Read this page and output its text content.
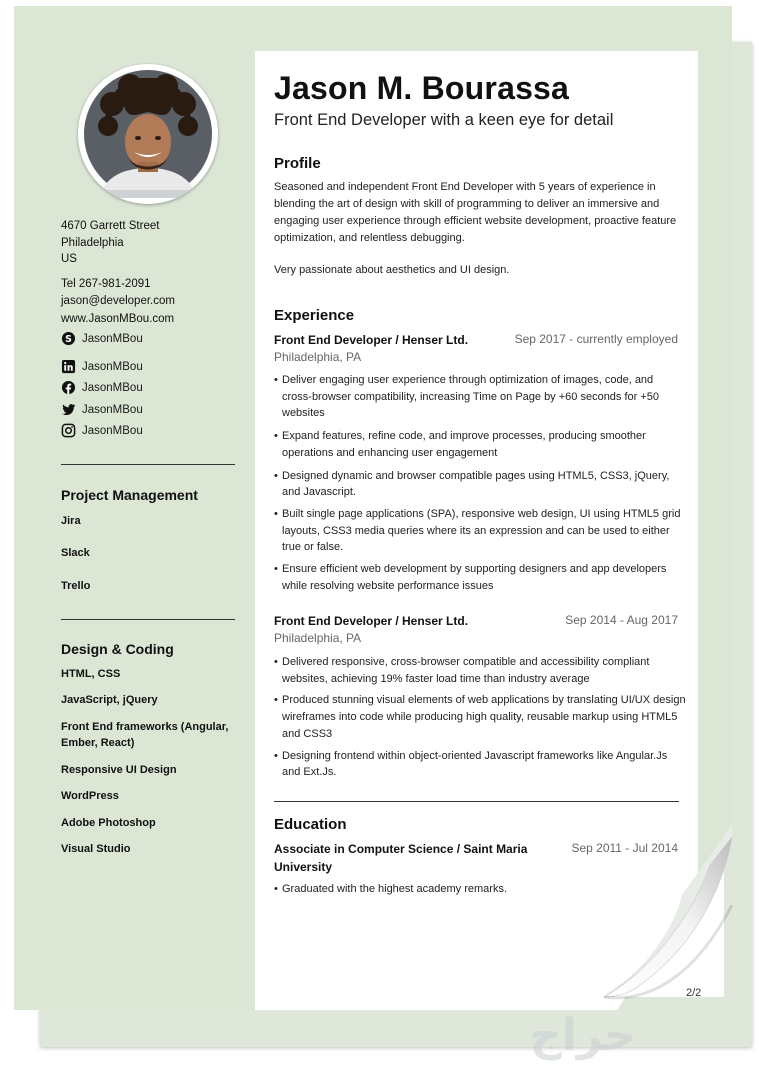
2/2
4670 Garrett Street
Philadelphia
US
Tel 267-981-2091
jason@developer.com
www.JasonMBou.com
S JasonMBou
JasonMBou
JasonMBou
JasonMBou
JasonMBou
Project Management
Jira
Slack
Trello
Design & Coding
HTML, CSS
JavaScript, jQuery
Front End frameworks (Angular, Ember, React)
Responsive UI Design
WordPress
Adobe Photoshop
Visual Studio
Jason M. Bourassa
Front End Developer with a keen eye for detail
Profile
Seasoned and independent Front End Developer with 5 years of experience in blending the art of design with skill of programming to deliver an immersive and engaging user experience through efficient website development, proactive feature optimization, and relentless debugging.
Very passionate about aesthetics and UI design.
Experience
Front End Developer / Henser Ltd.	Sep 2017 - currently employed
Philadelphia, PA
• Deliver engaging user experience through optimization of images, code, and cross-browser compatibility, increasing Time on Page by +60 seconds for +50 websites
• Expand features, refine code, and improve processes, producing smoother operations and enhancing user engagement
• Designed dynamic and browser compatible pages using HTML5, CSS3, jQuery, and Javascript.
• Built single page applications (SPA), responsive web design, UI using HTML5 grid layouts, CSS3 media queries where its an expression and can be used to either true or false.
• Ensure efficient web development by supporting designers and app developers while resolving website performance issues
Front End Developer / Henser Ltd.	Sep 2014 - Aug 2017
Philadelphia, PA
• Delivered responsive, cross-browser compatible and accessibility compliant websites, achieving 19% faster load time than industry average
• Produced stunning visual elements of web applications by translating UI/UX design wireframes into code while producing high quality, reusable markup using HTML5 and CSS3
• Designing frontend within object-oriented Javascript frameworks like Angular.Js and Ext.Js.
Education
Associate in Computer Science / Saint Maria University
Sep 2011 - Jul 2014
• Graduated with the highest academy remarks.
حراج
